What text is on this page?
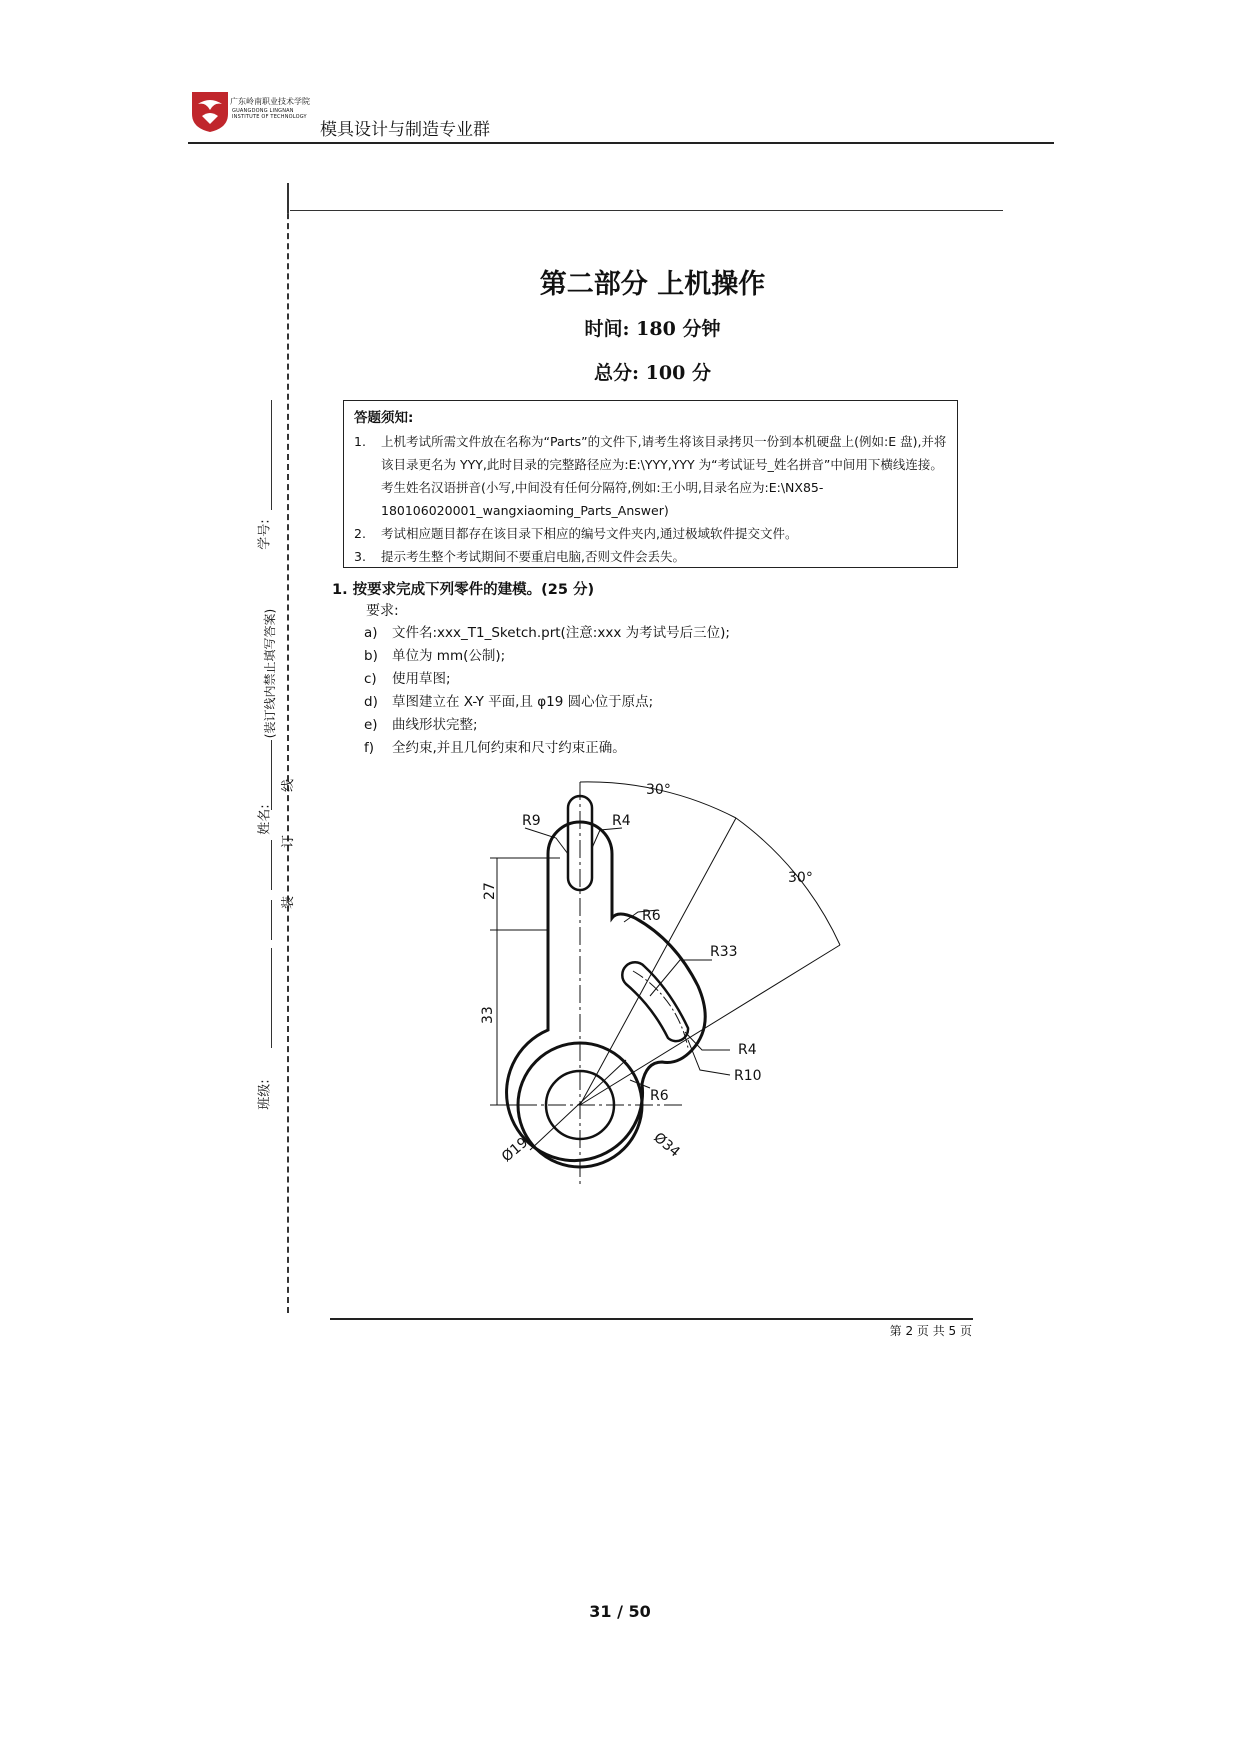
广东岭南职业技术学院
GUANGDONG LINGNAN INSTITUTE OF TECHNOLOGY
模具设计与制造专业群
学号:
(装订线内禁止填写答案)
线
姓名:
订
装
班级:
第二部分 上机操作
时间: 180 分钟
总分: 100 分
答题须知:
1.	上机考试所需文件放在名称为“Parts”的文件下,请考生将该目录拷贝一份到本机硬盘上(例如:E 盘),并将该目录更名为 YYY,此时目录的完整路径应为:E:\YYY,YYY 为“考试证号_姓名拼音”中间用下横线连接。考生姓名汉语拼音(小写,中间没有任何分隔符,例如:王小明,目录名应为:E:\NX85-180106020001_wangxiaoming_Parts_Answer)
2.	考试相应题目都存在该目录下相应的编号文件夹内,通过极域软件提交文件。
3.	提示考生整个考试期间不要重启电脑,否则文件会丢失。
1. 按要求完成下列零件的建模。(25 分)
要求:
a)	文件名:xxx_T1_Sketch.prt(注意:xxx 为考试号后三位);
b)	单位为 mm(公制);
c)	使用草图;
d)	草图建立在 X-Y 平面,且 φ19 圆心位于原点;
e)	曲线形状完整;
f)	全约束,并且几何约束和尺寸约束正确。
R9	R4
30°
30°
R6
27
R33
33
R4
R10
R6
Ø19	Ø34
第 2 页 共 5 页
31 / 50
